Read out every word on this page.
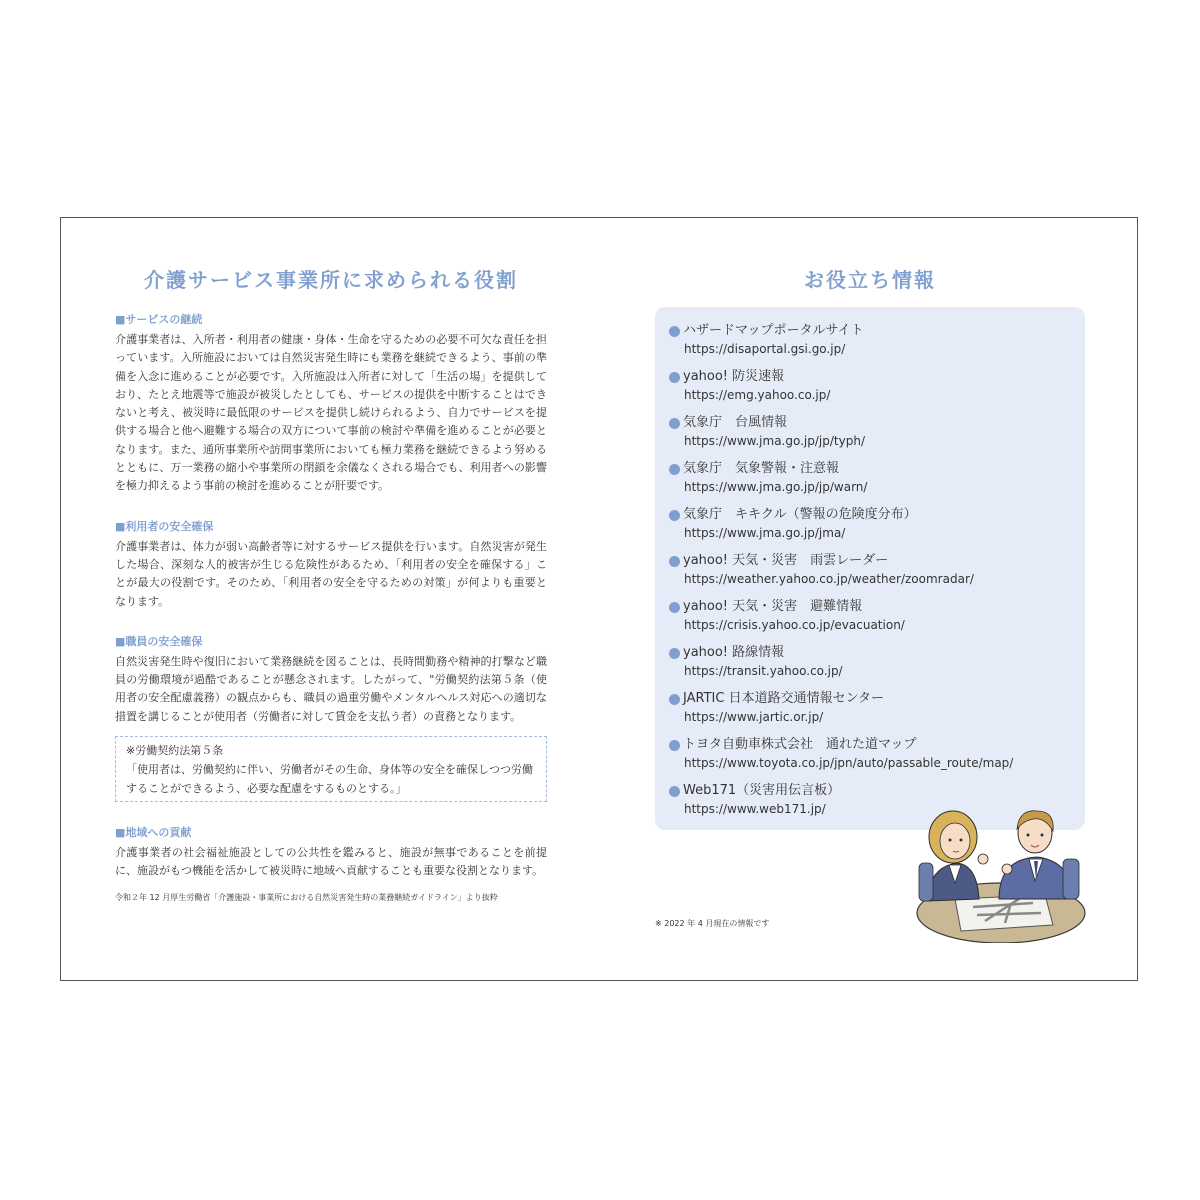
介護サービス事業所に求められる役割
■サービスの継続
介護事業者は、入所者・利用者の健康・身体・生命を守るための必要不可欠な責任を担っています。入所施設においては自然災害発生時にも業務を継続できるよう、事前の準備を入念に進めることが必要です。入所施設は入所者に対して「生活の場」を提供しており、たとえ地震等で施設が被災したとしても、サービスの提供を中断することはできないと考え、被災時に最低限のサービスを提供し続けられるよう、自力でサービスを提供する場合と他へ避難する場合の双方について事前の検討や準備を進めることが必要となります。また、通所事業所や訪問事業所においても極力業務を継続できるよう努めるとともに、万一業務の縮小や事業所の閉鎖を余儀なくされる場合でも、利用者への影響を極力抑えるよう事前の検討を進めることが肝要です。
■利用者の安全確保
介護事業者は、体力が弱い高齢者等に対するサービス提供を行います。自然災害が発生した場合、深刻な人的被害が生じる危険性があるため、「利用者の安全を確保する」ことが最大の役割です。そのため、「利用者の安全を守るための対策」が何よりも重要となります。
■職員の安全確保
自然災害発生時や復旧において業務継続を図ることは、長時間勤務や精神的打撃など職員の労働環境が過酷であることが懸念されます。したがって、"労働契約法第５条（使用者の安全配慮義務）の観点からも、職員の過重労働やメンタルヘルス対応への適切な措置を講じることが使用者（労働者に対して賃金を支払う者）の責務となります。
※労働契約法第５条
「使用者は、労働契約に伴い、労働者がその生命、身体等の安全を確保しつつ労働することができるよう、必要な配慮をするものとする。」
■地域への貢献
介護事業者の社会福祉施設としての公共性を鑑みると、施設が無事であることを前提に、施設がもつ機能を活かして被災時に地域へ貢献することも重要な役割となります。
令和２年 12 月厚生労働省「介護施設・事業所における自然災害発生時の業務継続ガイドライン」より抜粋
お役立ち情報
ハザードマップポータルサイト
https://disaportal.gsi.go.jp/
yahoo! 防災速報
https://emg.yahoo.co.jp/
気象庁　台風情報
https://www.jma.go.jp/jp/typh/
気象庁　気象警報・注意報
https://www.jma.go.jp/jp/warn/
気象庁　キキクル（警報の危険度分布）
https://www.jma.go.jp/jma/
yahoo! 天気・災害　雨雲レーダー
https://weather.yahoo.co.jp/weather/zoomradar/
yahoo! 天気・災害　避難情報
https://crisis.yahoo.co.jp/evacuation/
yahoo! 路線情報
https://transit.yahoo.co.jp/
JARTIC 日本道路交通情報センター
https://www.jartic.or.jp/
トヨタ自動車株式会社　通れた道マップ
https://www.toyota.co.jp/jpn/auto/passable_route/map/
Web171（災害用伝言板）
https://www.web171.jp/
※ 2022 年 4 月現在の情報です
